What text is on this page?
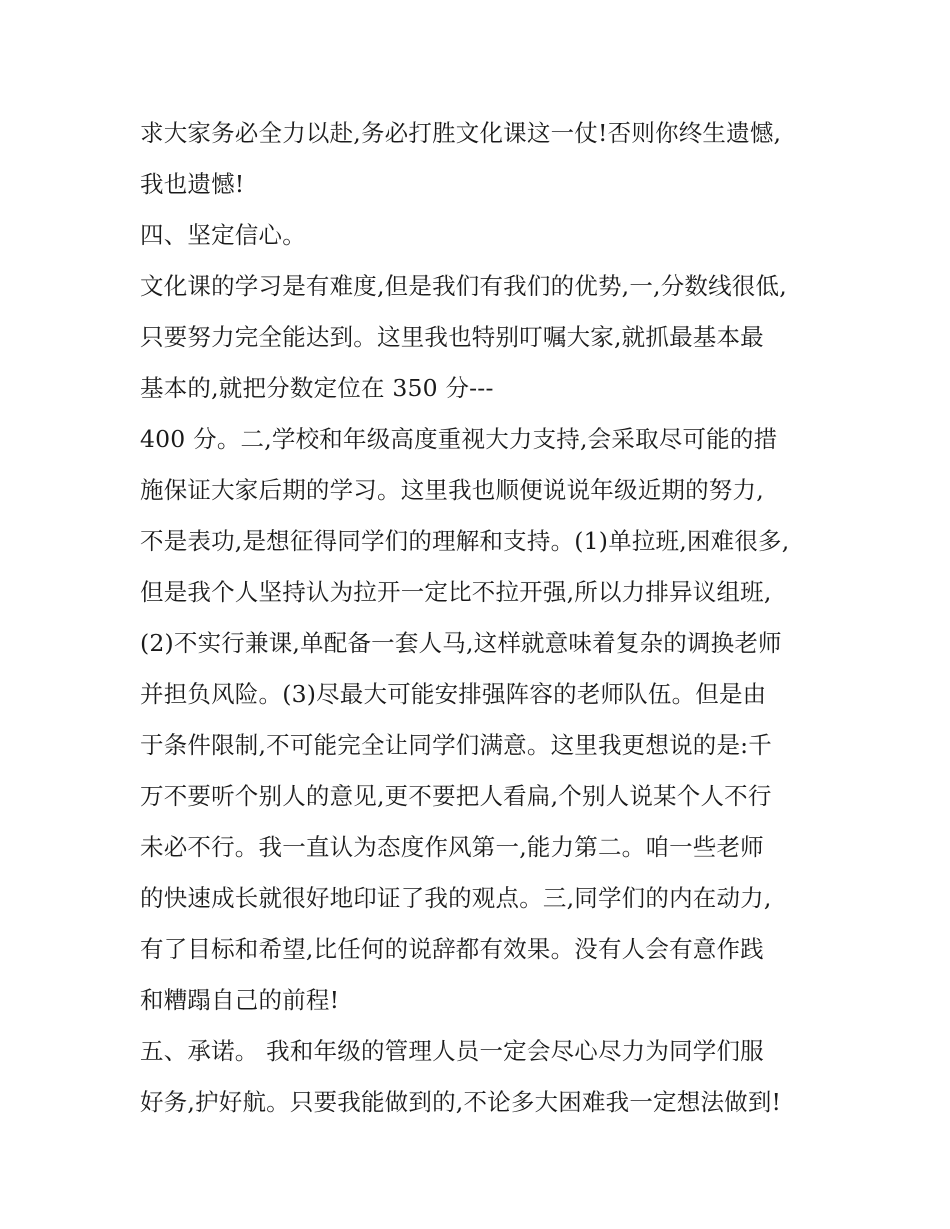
求大家务必全力以赴,务必打胜文化课这一仗!否则你终生遗憾,
我也遗憾!
四、坚定信心。
文化课的学习是有难度,但是我们有我们的优势,一,分数线很低,
只要努力完全能达到。这里我也特别叮嘱大家,就抓最基本最
基本的,就把分数定位在 350 分---
400 分。二,学校和年级高度重视大力支持,会采取尽可能的措
施保证大家后期的学习。这里我也顺便说说年级近期的努力,
不是表功,是想征得同学们的理解和支持。(1)单拉班,困难很多,
但是我个人坚持认为拉开一定比不拉开强,所以力排异议组班,
(2)不实行兼课,单配备一套人马,这样就意味着复杂的调换老师
并担负风险。(3)尽最大可能安排强阵容的老师队伍。但是由
于条件限制,不可能完全让同学们满意。这里我更想说的是:千
万不要听个别人的意见,更不要把人看扁,个别人说某个人不行
未必不行。我一直认为态度作风第一,能力第二。咱一些老师
的快速成长就很好地印证了我的观点。三,同学们的内在动力,
有了目标和希望,比任何的说辞都有效果。没有人会有意作践
和糟蹋自己的前程!
五、承诺。 我和年级的管理人员一定会尽心尽力为同学们服
好务,护好航。只要我能做到的,不论多大困难我一定想法做到!
